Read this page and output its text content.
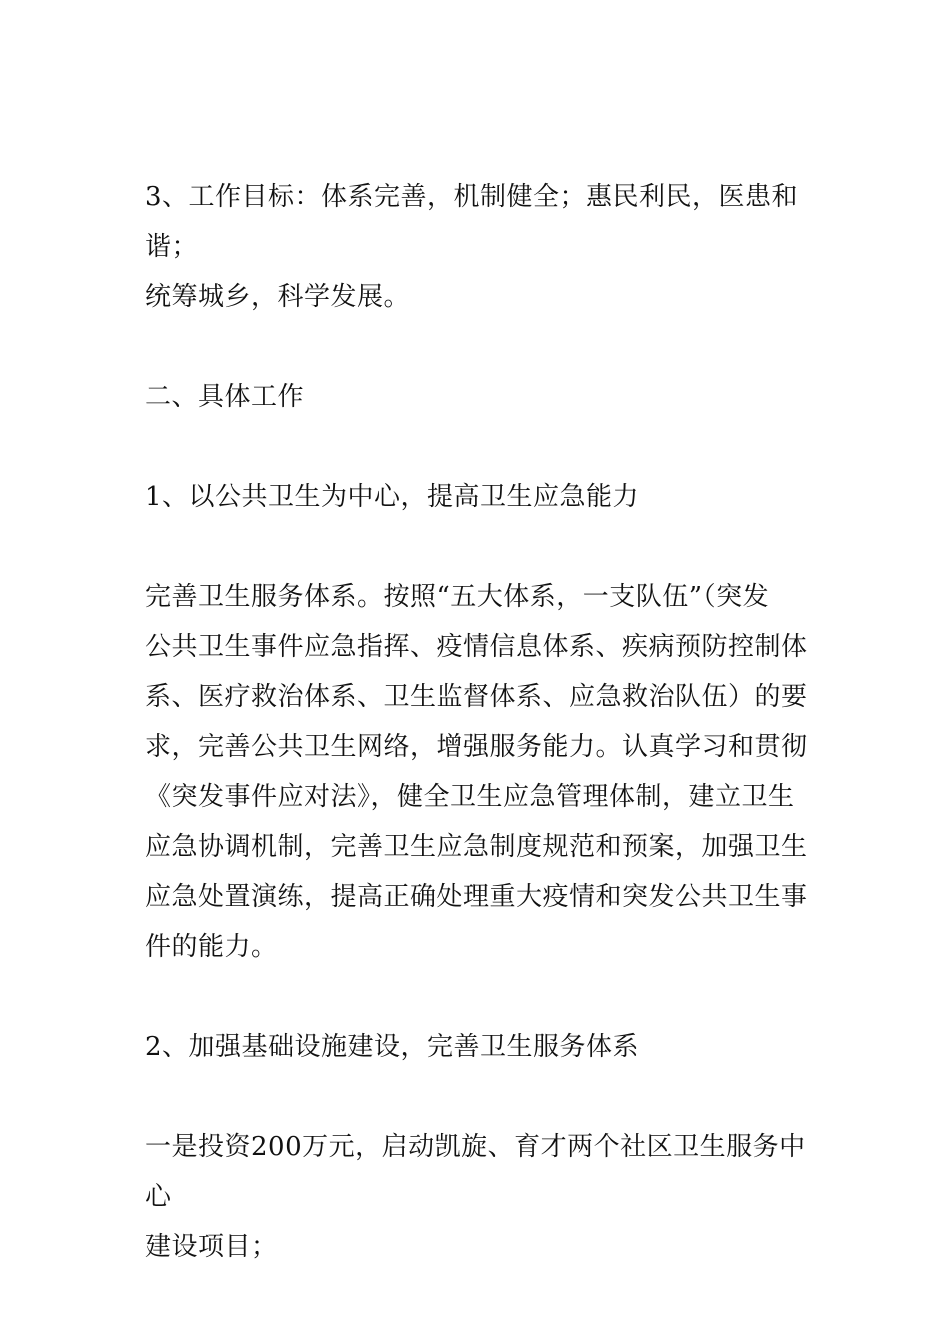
3、工作目标：体系完善，机制健全；惠民利民，医患和谐；
统筹城乡，科学发展。

二、具体工作

1、以公共卫生为中心，提高卫生应急能力

完善卫生服务体系。按照“五大体系，一支队伍”（突发
公共卫生事件应急指挥、疫情信息体系、疾病预防控制体
系、医疗救治体系、卫生监督体系、应急救治队伍）的要
求，完善公共卫生网络，增强服务能力。认真学习和贯彻
《突发事件应对法》，健全卫生应急管理体制，建立卫生
应急协调机制，完善卫生应急制度规范和预案，加强卫生
应急处置演练，提高正确处理重大疫情和突发公共卫生事
件的能力。

2、加强基础设施建设，完善卫生服务体系

一是投资200万元，启动凯旋、育才两个社区卫生服务中心
建设项目；
